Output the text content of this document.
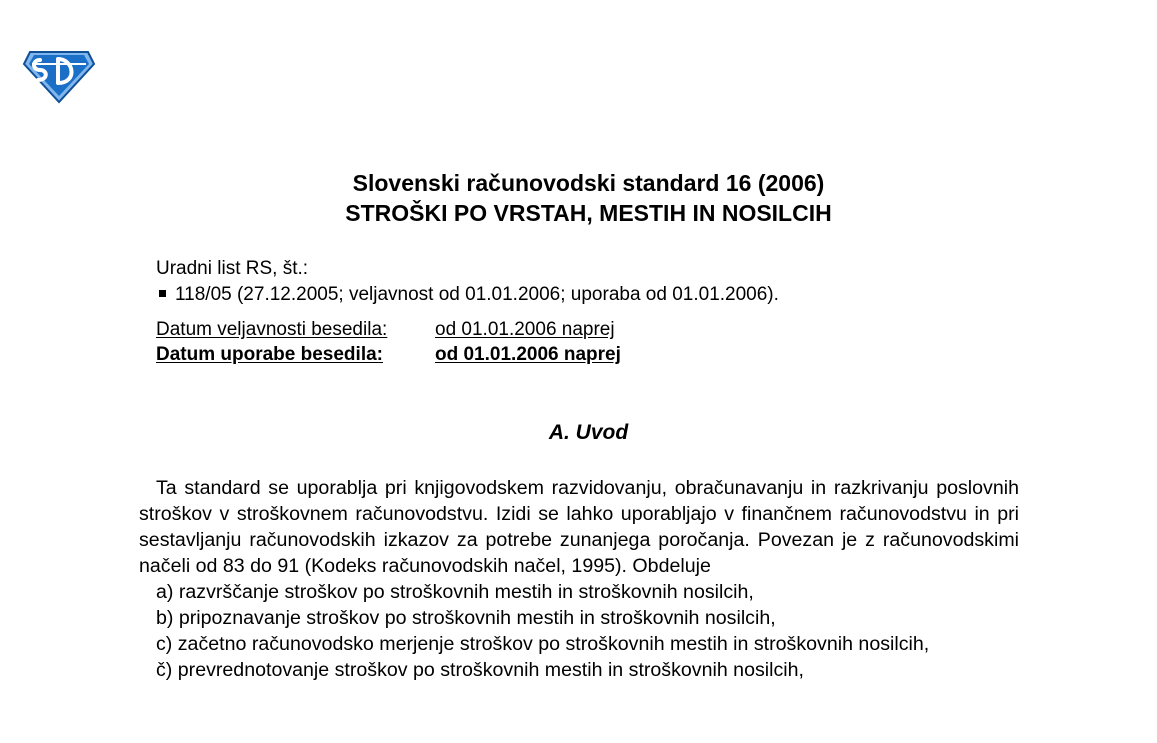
SD
Slovenski računovodski standard 16 (2006)
STROŠKI PO VRSTAH, MESTIH IN NOSILCIH
Uradni list RS, št.:
118/05 (27.12.2005; veljavnost od 01.01.2006; uporaba od 01.01.2006).
Datum veljavnosti besedila:	od 01.01.2006 naprej
Datum uporabe besedila:	od 01.01.2006 naprej
A. Uvod

Ta standard se uporablja pri knjigovodskem razvidovanju, obračunavanju in razkrivanju poslovnih stroškov v stroškovnem računovodstvu. Izidi se lahko uporabljajo v finančnem računovodstvu in pri sestavljanju računovodskih izkazov za potrebe zunanjega poročanja. Povezan je z računovodskimi načeli od 83 do 91 (Kodeks računovodskih načel, 1995). Obdeluje

a) razvrščanje stroškov po stroškovnih mestih in stroškovnih nosilcih,

b) pripoznavanje stroškov po stroškovnih mestih in stroškovnih nosilcih,

c) začetno računovodsko merjenje stroškov po stroškovnih mestih in stroškovnih nosilcih,

č) prevrednotovanje stroškov po stroškovnih mestih in stroškovnih nosilcih,
